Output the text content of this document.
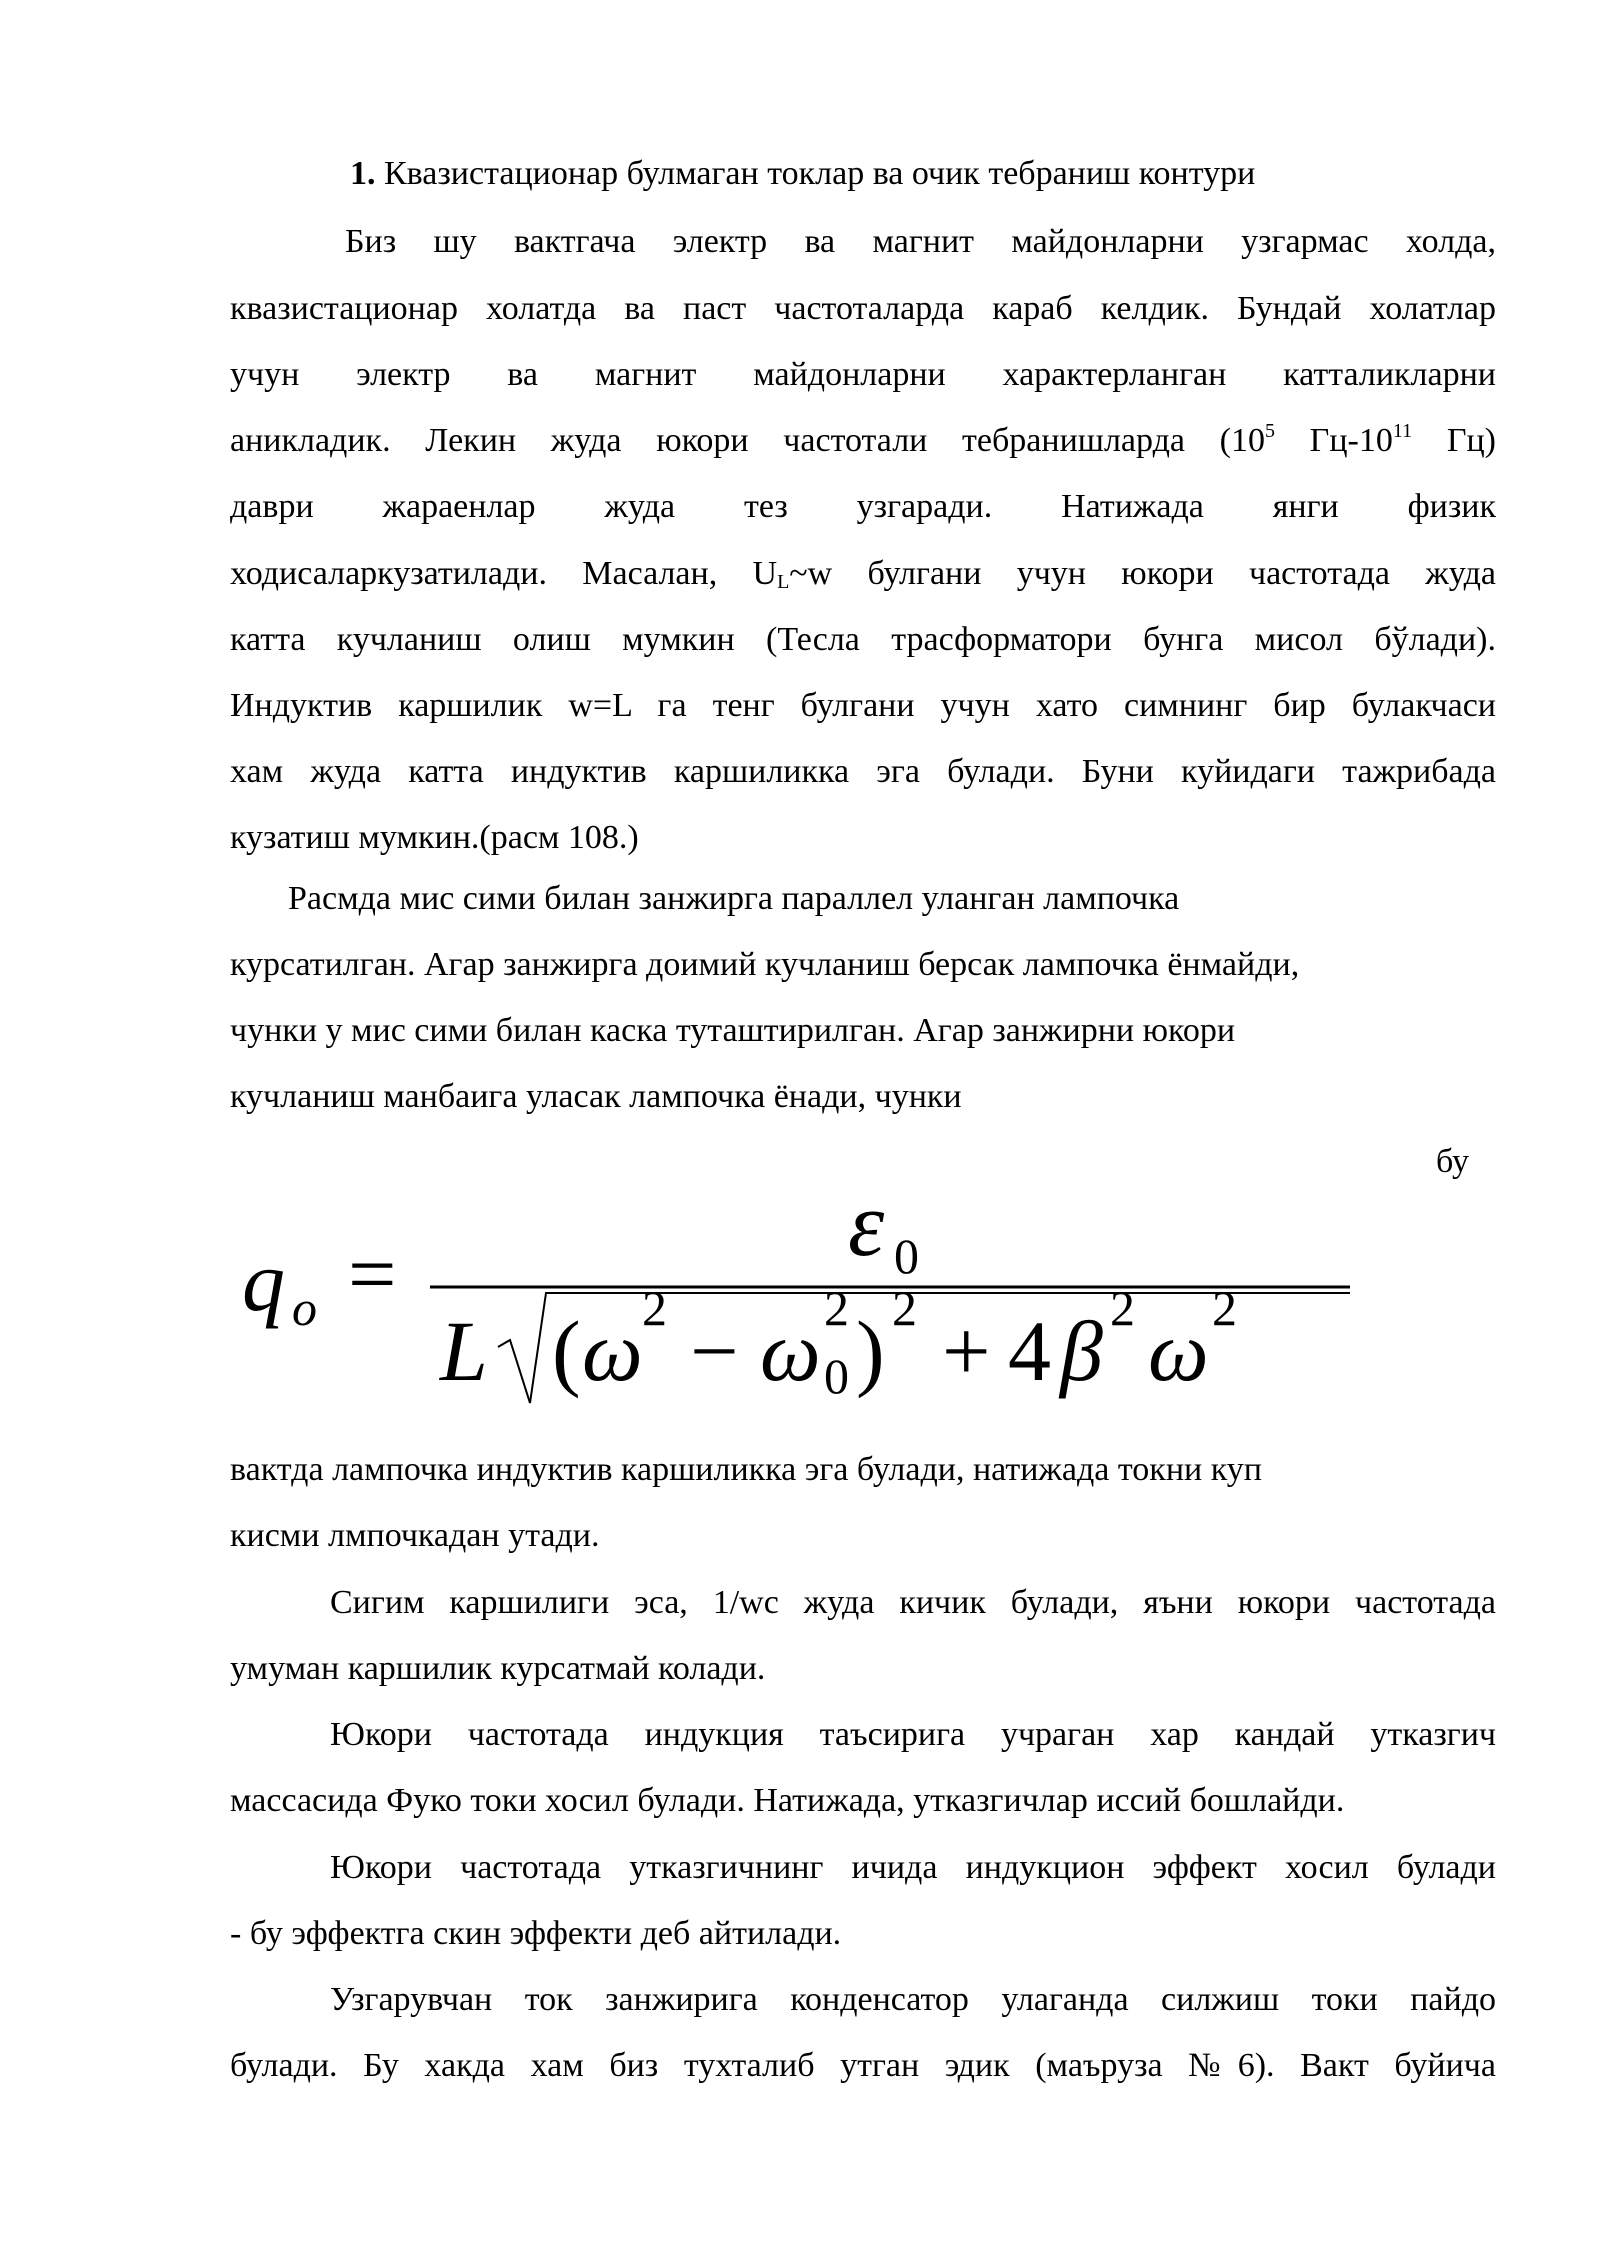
1. Квазистационар булмаган токлар ва очик тебраниш контури
Биз шу вактгача электр ва магнит майдонларни узгармас холда,
квазистационар холатда ва паст частоталарда караб келдик. Бундай холатлар
учун электр ва магнит майдонларни характерланган катталикларни
аникладик. Лекин жуда юкори частотали тебранишларда ($10^5$ $Гц-10^{11}$ Гц)
даври жараенлар жуда тез узгаради. Натижада янги физик
ходисаларкузатилади. Масалан, $U_L\sim w$ булгани учун юкори частотада жуда
катта кучланиш олиш мумкин (Тесла трасформатори бунга мисол бўлади).
Индуктив каршилик w=L га тенг булгани учун хато симнинг бир булакчаси
хам жуда катта индуктив каршиликка эга булади. Буни куйидаги тажрибада
кузатиш мумкин.(расм 108.)
Расмда мис сими билан занжирга параллел уланган лампочка
курсатилган. Агар занжирга доимий кучланиш берсак лампочка ёнмайди,
чунки у мис сими билан каска туташтирилган. Агар занжирни юкори
кучланиш манбаига уласак лампочка ёнади, чунки
бу
q o =	ε 0
L ( ω 2 − ω 2
0 ) 2 + 4 β 2 ω 2
вактда лампочка индуктив каршиликка эга булади, натижада токни куп
кисми лмпочкадан утади.
Сигим каршилиги эса, 1/wc жуда кичик булади, яъни юкори частотада
умуман каршилик курсатмай колади.
Юкори частотада индукция таъсирига учраган хар кандай утказгич
массасида Фуко токи хосил булади. Натижада, утказгичлар иссий бошлайди.
Юкори частотада утказгичнинг ичида индукцион эффект хосил булади
- бу эффектга скин эффекти деб айтилади.
Узгарувчан ток занжирига конденсатор улаганда силжиш токи пайдо
булади. Бу хакда хам биз тухталиб утган эдик (маъруза №6). Вакт буйича
